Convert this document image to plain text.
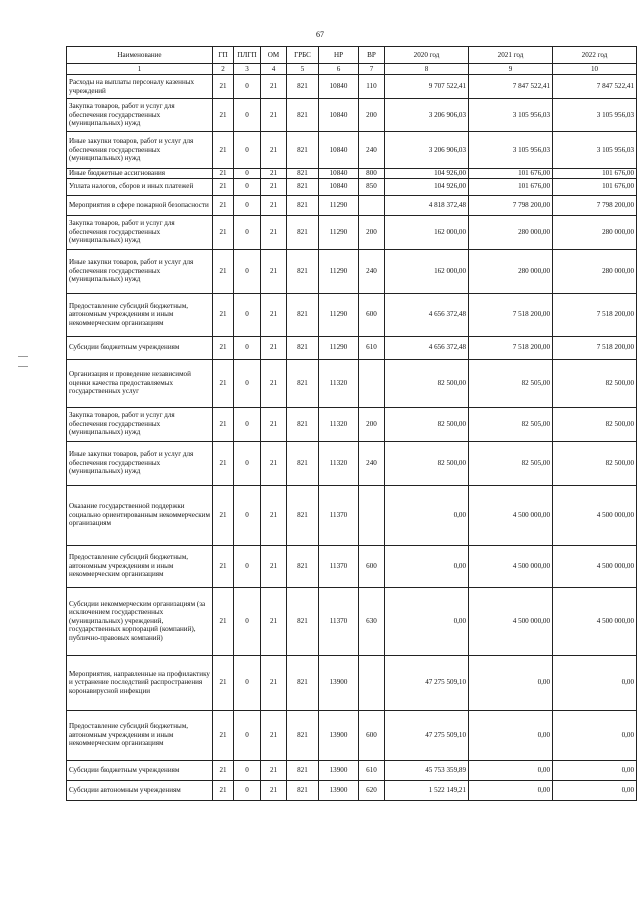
67
Наименование	ГП	ПЛГП	ОМ	ГРБС	НР	ВР	2020 год	2021 год	2022 год
1	2	3	4	5	6	7	8	9	10
Расходы на выплаты персоналу казенных учреждений	21	0	21	821	10840	110	9 707 522,41	7 847 522,41	7 847 522,41
Закупка товаров, работ и услуг для обеспечения государственных (муниципальных) нужд	21	0	21	821	10840	200	3 206 906,03	3 105 956,03	3 105 956,03
Иные закупки товаров, работ и услуг для обеспечения государственных (муниципальных) нужд	21	0	21	821	10840	240	3 206 906,03	3 105 956,03	3 105 956,03
Иные бюджетные ассигнования	21	0	21	821	10840	800	104 926,00	101 676,00	101 676,00
Уплата налогов, сборов и иных платежей	21	0	21	821	10840	850	104 926,00	101 676,00	101 676,00
Мероприятия в сфере пожарной безопасности	21	0	21	821	11290		4 818 372,48	7 798 200,00	7 798 200,00
Закупка товаров, работ и услуг для обеспечения государственных (муниципальных) нужд	21	0	21	821	11290	200	162 000,00	280 000,00	280 000,00
Иные закупки товаров, работ и услуг для обеспечения государственных (муниципальных) нужд	21	0	21	821	11290	240	162 000,00	280 000,00	280 000,00
Предоставление субсидий бюджетным, автономным учреждениям и иным некоммерческим организациям	21	0	21	821	11290	600	4 656 372,48	7 518 200,00	7 518 200,00
Субсидии бюджетным учреждениям	21	0	21	821	11290	610	4 656 372,48	7 518 200,00	7 518 200,00
Организация и проведение независимой оценки качества предоставляемых государственных услуг	21	0	21	821	11320		82 500,00	82 505,00	82 500,00
Закупка товаров, работ и услуг для обеспечения государственных (муниципальных) нужд	21	0	21	821	11320	200	82 500,00	82 505,00	82 500,00
Иные закупки товаров, работ и услуг для обеспечения государственных (муниципальных) нужд	21	0	21	821	11320	240	82 500,00	82 505,00	82 500,00
Оказание государственной поддержки социально ориентированным некоммерческим организациям	21	0	21	821	11370		0,00	4 500 000,00	4 500 000,00
Предоставление субсидий бюджетным, автономным учреждениям и иным некоммерческим организациям	21	0	21	821	11370	600	0,00	4 500 000,00	4 500 000,00
Субсидии некоммерческим организациям (за исключением государственных (муниципальных) учреждений, государственных корпораций (компаний), публично-правовых компаний)	21	0	21	821	11370	630	0,00	4 500 000,00	4 500 000,00
Мероприятия, направленные на профилактику и устранение последствий распространения коронавирусной инфекции	21	0	21	821	13900		47 275 509,10	0,00	0,00
Предоставление субсидий бюджетным, автономным учреждениям и иным некоммерческим организациям	21	0	21	821	13900	600	47 275 509,10	0,00	0,00
Субсидии бюджетным учреждениям	21	0	21	821	13900	610	45 753 359,89	0,00	0,00
Субсидии автономным учреждениям	21	0	21	821	13900	620	1 522 149,21	0,00	0,00
